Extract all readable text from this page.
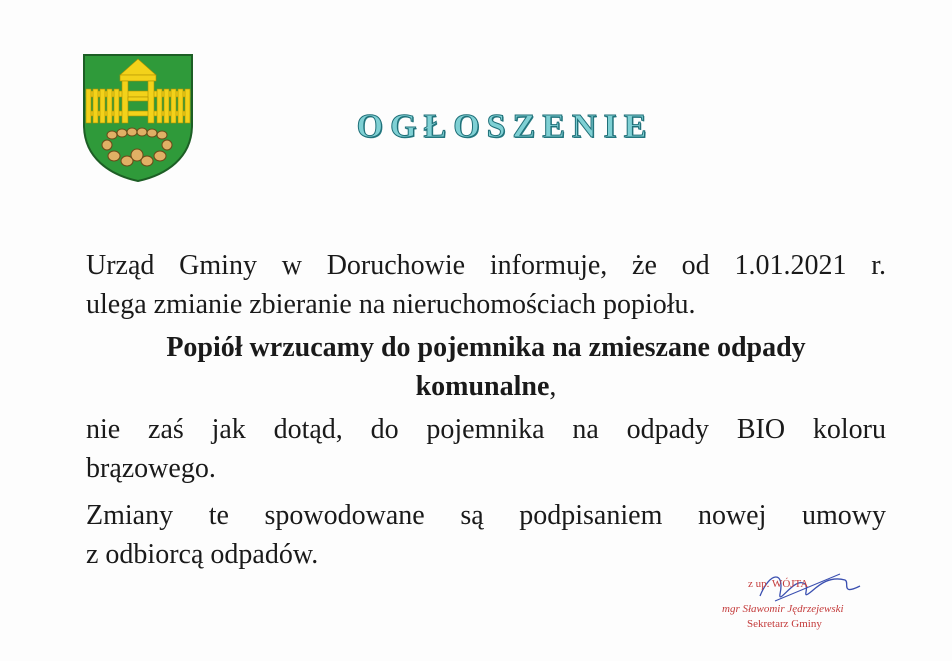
OGŁOSZENIE

Urząd Gminy w Doruchowie informuje, że od 1.01.2021 r.

ulega zmianie zbieranie na nieruchomościach popiołu.

Popiół wrzucamy do pojemnika na zmieszane odpady
komunalne,

nie zaś jak dotąd, do pojemnika na odpady BIO koloru

brązowego.

Zmiany te spowodowane są podpisaniem nowej umowy

z odbiorcą odpadów.

z up. WÓJTA
mgr Sławomir Jędrzejewski
Sekretarz Gminy
